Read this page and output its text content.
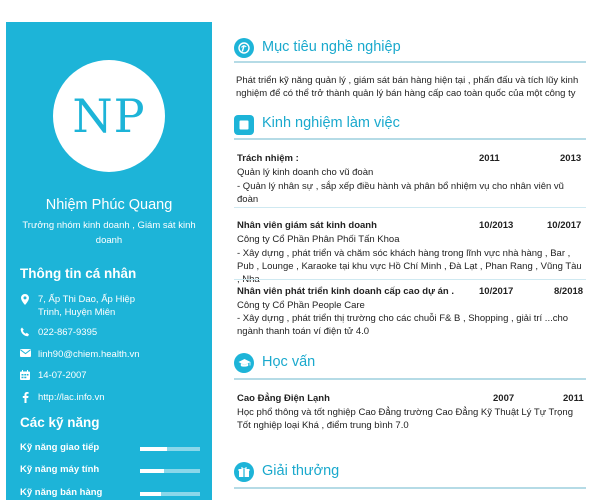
NP
Nhiệm Phúc Quang
Trưởng nhóm kinh doanh , Giám sát kinh doanh
Thông tin cá nhân
7, Ấp Thi Dao, Ấp Hiệp Trinh, Huyện Miên
022-867-9395
linh90@chiem.health.vn
14-07-2007
http://lac.info.vn
Các kỹ năng
Kỹ năng giao tiếp
Kỹ năng máy tính
Kỹ năng bán hàng
Mục tiêu nghề nghiệp
Phát triển kỹ năng quản lý , giám sát bán hàng hiện tại , phấn đấu và tích lũy kinh nghiệm để có thể trở thành quản lý bán hàng cấp cao toàn quốc của một công ty
Kinh nghiệm làm việc
Trách nhiệm :	2011	2013
Quản lý kinh doanh cho vũ đoàn
- Quản lý nhân sự , sắp xếp điều hành và phân bổ nhiệm vụ cho nhân viên vũ đoàn
Nhân viên giám sát kinh doanh	10/2013	10/2017
Công ty Cổ Phần Phân Phối Tấn Khoa
- Xây dựng , phát triển và chăm sóc khách hàng trong lĩnh vực nhà hàng , Bar , Pub , Lounge , Karaoke tại khu vực Hồ Chí Minh , Đà Lạt , Phan Rang , Vũng Tàu
Nhân viên phát triển kinh doanh cấp cao dự án .	10/2017	8/2018
Công ty Cổ Phần People Care
- Xây dựng , phát triển thị trường cho các chuỗi F& B , Shopping , giải trí ...cho ngành thanh toán ví điện tử 4.0
Học vấn
Cao Đẳng Điện Lạnh	2007	2011
Học phổ thông và tốt nghiệp Cao Đẳng trường Cao Đẳng Kỹ Thuật Lý Tự Trọng Tốt nghiệp loại Khá , điểm trung bình 7.0
Giải thưởng
